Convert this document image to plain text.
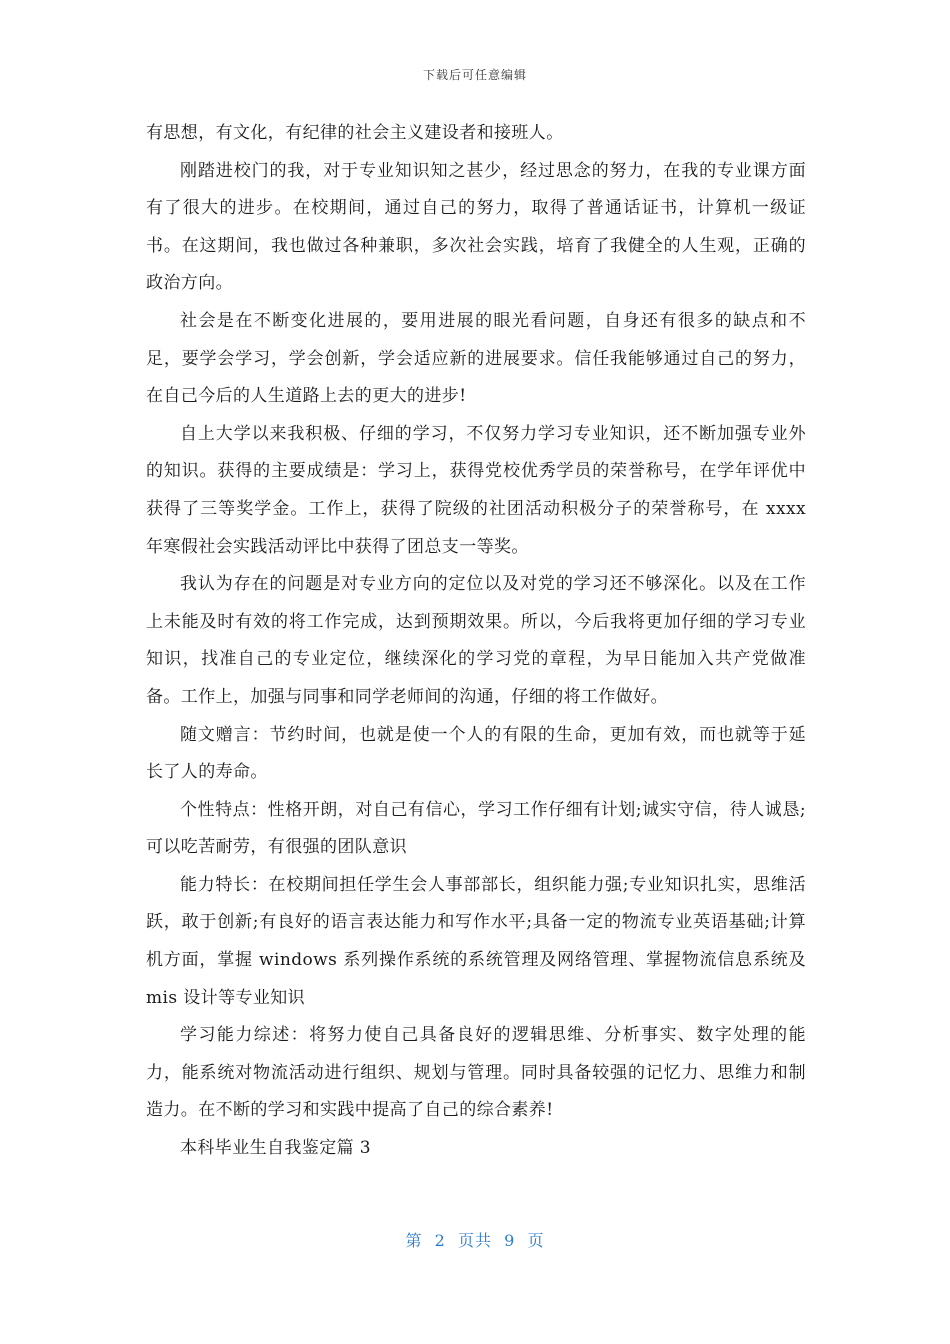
下载后可任意编辑

有思想，有文化，有纪律的社会主义建设者和接班人。

刚踏进校门的我，对于专业知识知之甚少，经过思念的努力，在我的专业课方面有了很大的进步。在校期间，通过自己的努力，取得了普通话证书，计算机一级证书。在这期间，我也做过各种兼职，多次社会实践，培育了我健全的人生观，正确的政治方向。

社会是在不断变化进展的，要用进展的眼光看问题，自身还有很多的缺点和不足，要学会学习，学会创新，学会适应新的进展要求。信任我能够通过自己的努力，在自己今后的人生道路上去的更大的进步!

自上大学以来我积极、仔细的学习，不仅努力学习专业知识，还不断加强专业外的知识。获得的主要成绩是：学习上，获得党校优秀学员的荣誉称号，在学年评优中获得了三等奖学金。工作上，获得了院级的社团活动积极分子的荣誉称号，在 xxxx 年寒假社会实践活动评比中获得了团总支一等奖。

我认为存在的问题是对专业方向的定位以及对党的学习还不够深化。以及在工作上未能及时有效的将工作完成，达到预期效果。所以，今后我将更加仔细的学习专业知识，找准自己的专业定位，继续深化的学习党的章程，为早日能加入共产党做准备。工作上，加强与同事和同学老师间的沟通，仔细的将工作做好。

随文赠言：节约时间，也就是使一个人的有限的生命，更加有效，而也就等于延长了人的寿命。

个性特点：性格开朗，对自己有信心，学习工作仔细有计划;诚实守信，待人诚恳;可以吃苦耐劳，有很强的团队意识

能力特长：在校期间担任学生会人事部部长，组织能力强;专业知识扎实，思维活跃，敢于创新;有良好的语言表达能力和写作水平;具备一定的物流专业英语基础;计算机方面，掌握 windows 系列操作系统的系统管理及网络管理、掌握物流信息系统及 mis 设计等专业知识

学习能力综述：将努力使自己具备良好的逻辑思维、分析事实、数字处理的能力，能系统对物流活动进行组织、规划与管理。同时具备较强的记忆力、思维力和制造力。在不断的学习和实践中提高了自己的综合素养!

本科毕业生自我鉴定篇 3

第  2  页共  9  页
